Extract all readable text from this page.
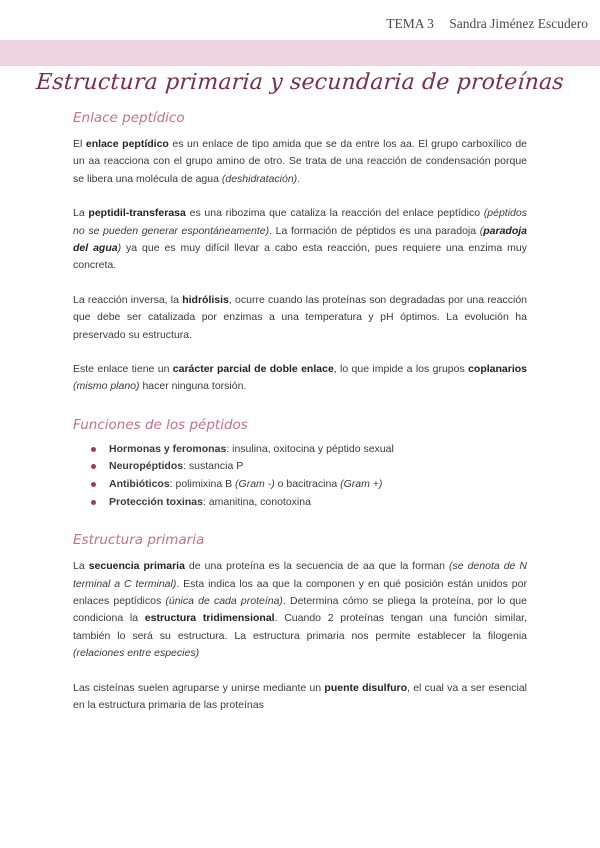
TEMA 3 Sandra Jiménez Escudero
Estructura primaria y secundaria de proteínas
Enlace peptídico

El enlace peptídico es un enlace de tipo amida que se da entre los aa. El grupo carboxílico de un aa reacciona con el grupo amino de otro. Se trata de una reacción de condensación porque se libera una molécula de agua (deshidratación).

La peptidil-transferasa es una ribozima que cataliza la reacción del enlace peptídico (péptidos no se pueden generar espontáneamente). La formación de péptidos es una paradoja (paradoja del agua) ya que es muy difícil llevar a cabo esta reacción, pues requiere una enzima muy concreta.

La reacción inversa, la hidrólisis, ocurre cuando las proteínas son degradadas por una reacción que debe ser catalizada por enzimas a una temperatura y pH óptimos. La evolución ha preservado su estructura.

Este enlace tiene un carácter parcial de doble enlace, lo que impide a los grupos coplanarios (mismo plano) hacer ninguna torsión.

Funciones de los péptidos
Hormonas y feromonas: insulina, oxitocina y péptido sexual
Neuropéptidos: sustancia P
Antibióticos: polimixina B (Gram -) o bacitracina (Gram +)
Protección toxinas: amanitina, conotoxina
Estructura primaria

La secuencia primaria de una proteína es la secuencia de aa que la forman (se denota de N terminal a C terminal). Esta indica los aa que la componen y en qué posición están unidos por enlaces peptídicos (única de cada proteína). Determina cómo se pliega la proteína, por lo que condiciona la estructura tridimensional. Cuando 2 proteínas tengan una función similar, también lo será su estructura. La estructura primaria nos permite establecer la filogenia (relaciones entre especies)

Las cisteínas suelen agruparse y unirse mediante un puente disulfuro, el cual va a ser esencial en la estructura primaria de las proteínas
